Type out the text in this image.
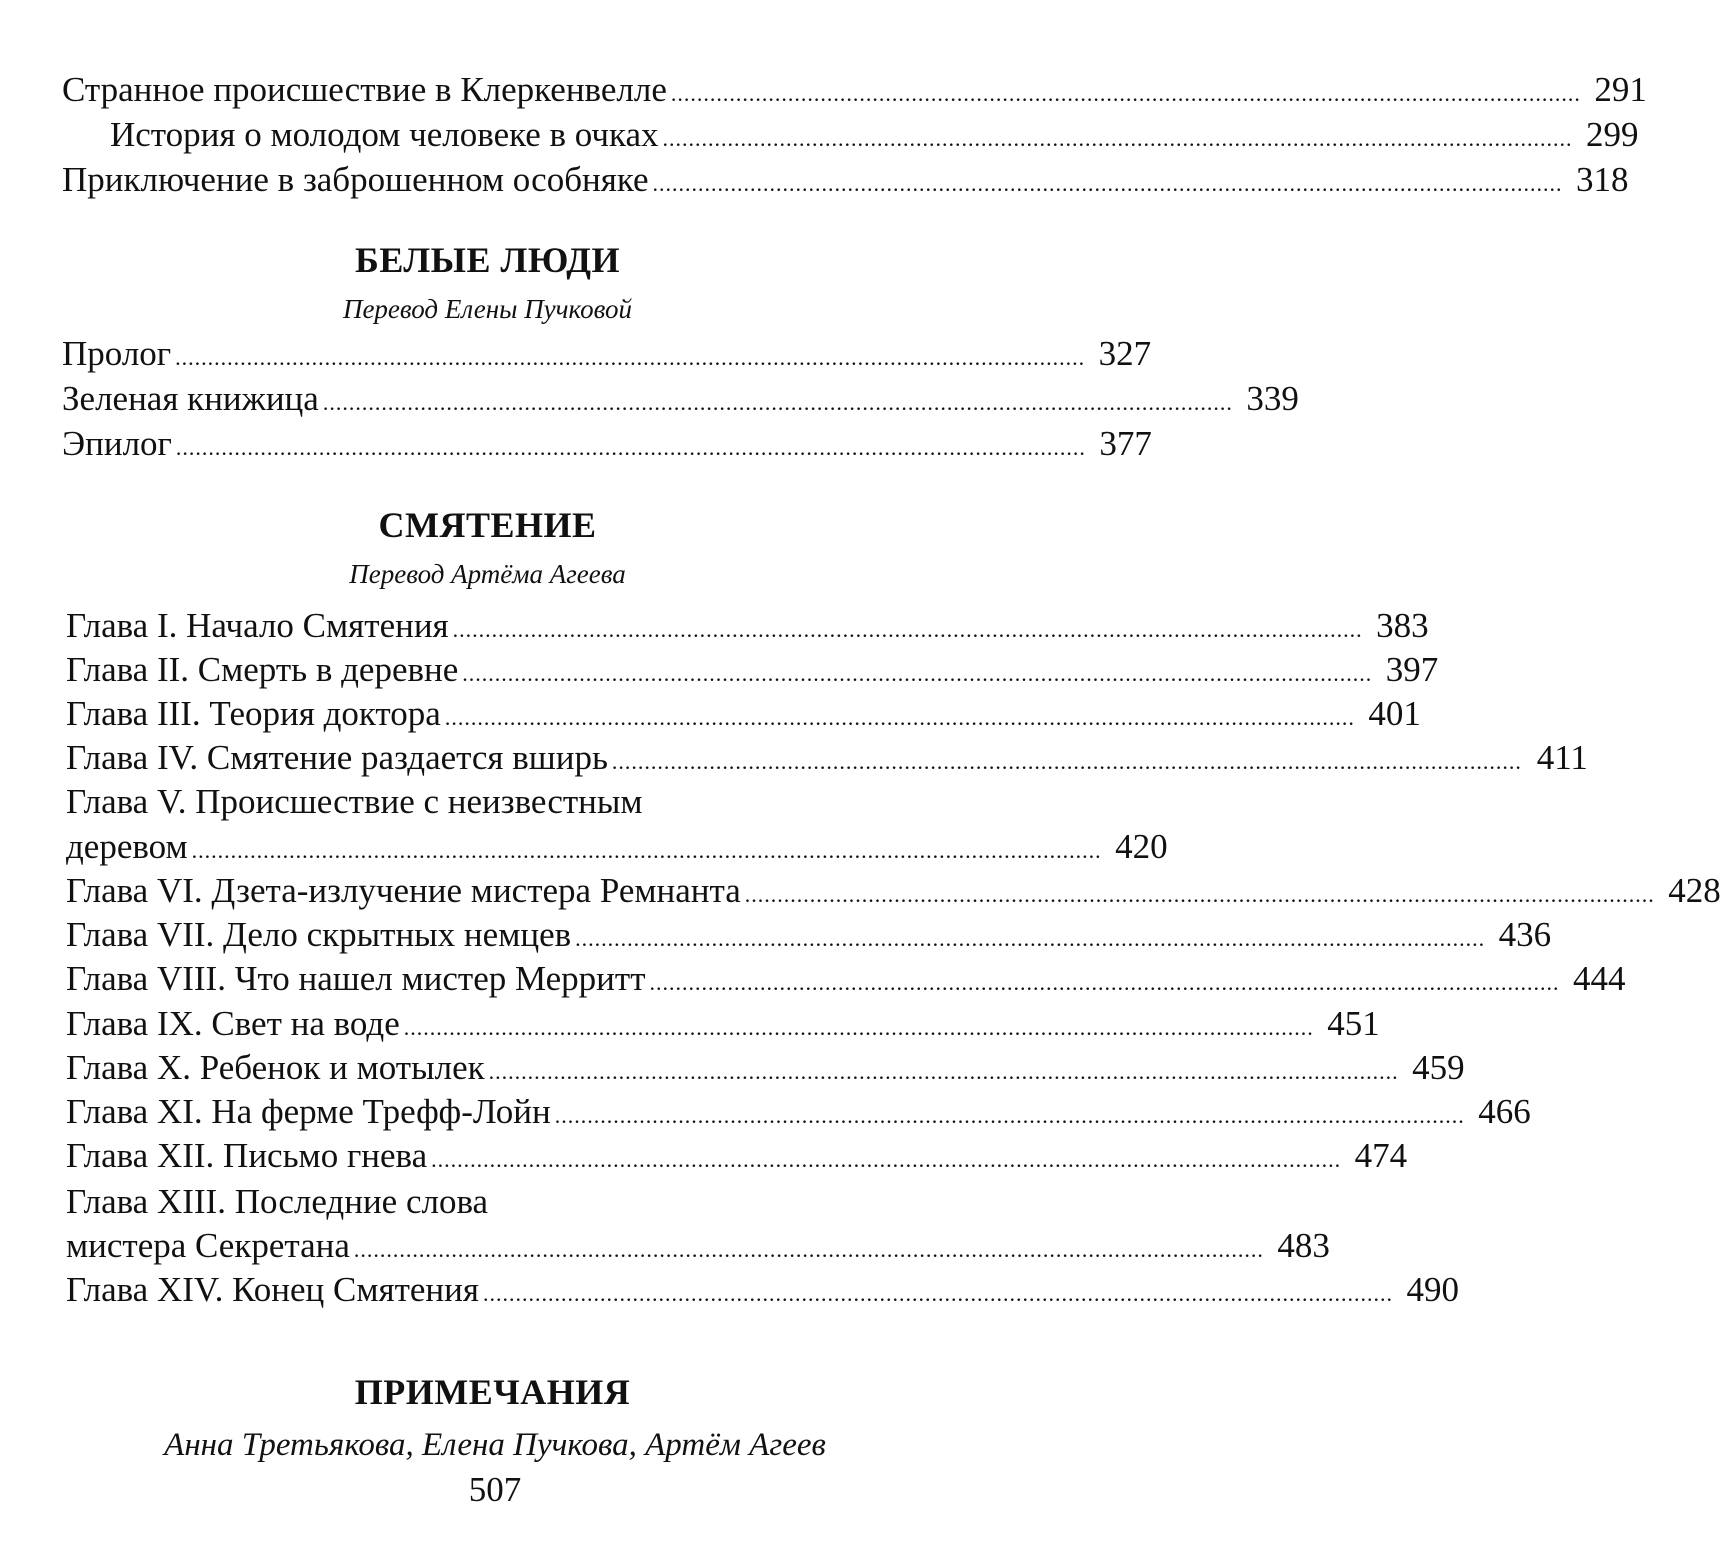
Странное происшествие в Клеркенвелле ............................................................................................................................................ 291
История о молодом человеке в очках ............................................................................................................................................ 299
Приключение в заброшенном особняке ............................................................................................................................................ 318
БЕЛЫЕ ЛЮДИ
Перевод Елены Пучковой
Пролог ............................................................................................................................................ 327
Зеленая книжица ............................................................................................................................................ 339
Эпилог ............................................................................................................................................ 377
СМЯТЕНИЕ
Перевод Артёма Агеева
Глава I. Начало Смятения ............................................................................................................................................ 383
Глава II. Смерть в деревне ............................................................................................................................................ 397
Глава III. Теория доктора ............................................................................................................................................ 401
Глава IV. Смятение раздается вширь ............................................................................................................................................ 411
Глава V. Происшествие с неизвестным
деревом ............................................................................................................................................ 420
Глава VI. Дзета-излучение мистера Ремнанта ............................................................................................................................................ 428
Глава VII. Дело скрытных немцев ............................................................................................................................................ 436
Глава VIII. Что нашел мистер Мерритт ............................................................................................................................................ 444
Глава IX. Свет на воде ............................................................................................................................................ 451
Глава X. Ребенок и мотылек ............................................................................................................................................ 459
Глава XI. На ферме Трефф-Лойн ............................................................................................................................................ 466
Глава XII. Письмо гнева ............................................................................................................................................ 474
Глава XIII. Последние слова
мистера Секретана ............................................................................................................................................ 483
Глава XIV. Конец Смятения ............................................................................................................................................ 490
ПРИМЕЧАНИЯ
Анна Третьякова, Елена Пучкова, Артём Агеев
507
